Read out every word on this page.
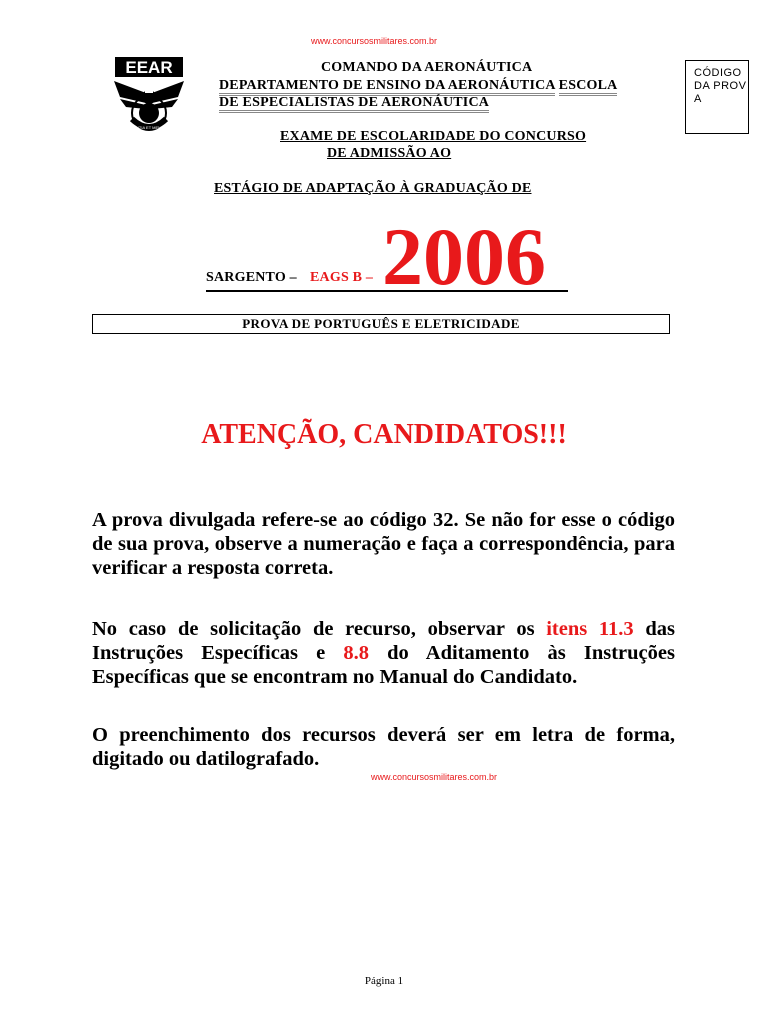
www.concursosmilitares.com.br
EEAR
SCIENTIA ET MEMORIA
COMANDO DA AERONÁUTICA
DEPARTAMENTO DE ENSINO DA AERONÁUTICA ESCOLA
DE ESPECIALISTAS DE AERONÁUTICA
EXAME DE ESCOLARIDADE DO CONCURSO
DE ADMISSÃO AO
ESTÁGIO DE ADAPTAÇÃO À GRADUAÇÃO DE
CÓDIGO DA PROVA
SARGENTO – EAGS B – 2006
PROVA DE PORTUGUÊS E ELETRICIDADE
ATENÇÃO, CANDIDATOS!!!
A prova divulgada refere-se ao código 32. Se não for esse o código de sua prova, observe a numeração e faça a correspondência, para verificar a resposta correta.
No caso de solicitação de recurso, observar os itens 11.3 das Instruções Específicas e 8.8 do Aditamento às Instruções Específicas que se encontram no Manual do Candidato.
O preenchimento dos recursos deverá ser em letra de forma, digitado ou datilografado.
www.concursosmilitares.com.br
Página 1
